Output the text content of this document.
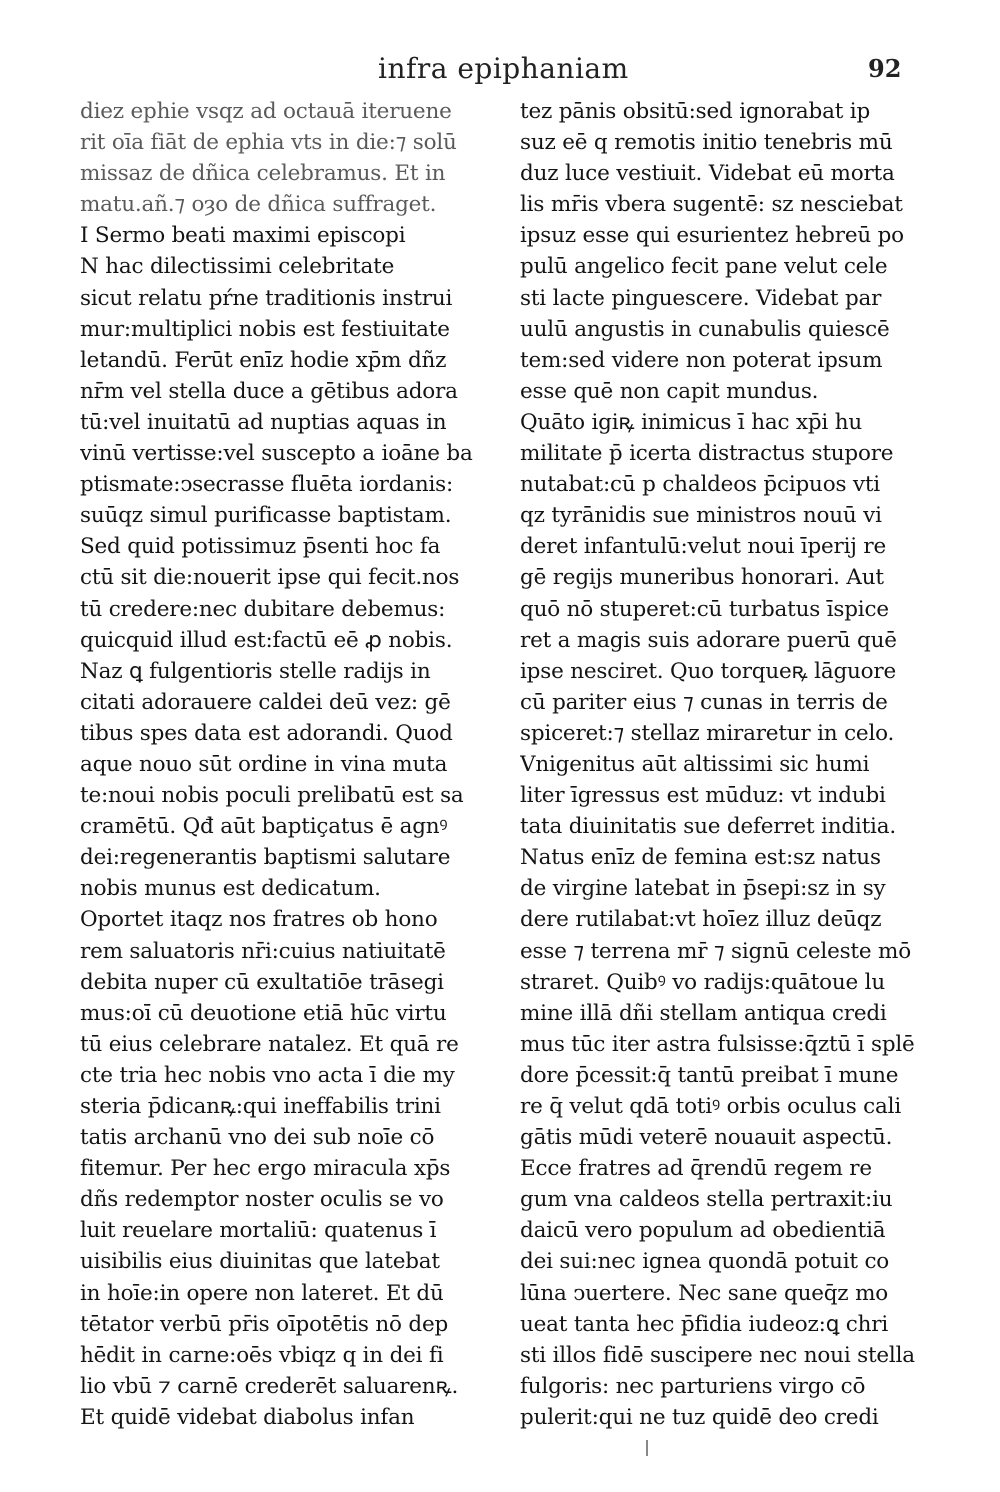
infra epiphaniam	92
diez ephie vsqz ad octauā iteruene
rit oīa fiāt de ephia vts in die:⁊ solū
missaz de dñica celebramus. Et in
matu.añ.⁊ oȝo de dñica suffraget.
I Sermo beati maximi episcopi
N hac dilectissimi celebritate
sicut relatu pŕne traditionis instrui
mur:multiplici nobis est festiuitate
letandū. Ferūt enīz hodie xp̄m dñz
nr̄m vel stella duce a gētibus adora
tū:vel inuitatū ad nuptias aquas in
vinū vertisse:vel suscepto a ioāne ba
ptismate:ↄsecrasse fluēta iordanis:
suūqz simul purificasse baptistam.
Sed quid potissimuz p̄senti hoc fa
ctū sit die:nouerit ipse qui fecit.nos
tū credere:nec dubitare debemus:
quicquid illud est:factū eē ꝓ nobis.
Naz ꝗ fulgentioris stelle radijs in
citati adorauere caldei deū vez: gē
tibus spes data est adorandi. Quod
aque nouo sūt ordine in vina muta
te:noui nobis poculi prelibatū est sa
cramētū. Qđ aūt baptiçatus ē agnꝰ
dei:regenerantis baptismi salutare
nobis munus est dedicatum.
Oportet itaqz nos fratres ob hono
rem saluatoris nr̄i:cuius natiuitatē
debita nuper cū exultatiōe trāsegi
mus:oī cū deuotione etiā hūc virtu
tū eius celebrare natalez. Et quā re
cte tria hec nobis vno acta ī die my
steria p̄dicanꝶ:qui ineffabilis trini
tatis archanū vno dei sub noīe cō
fitemur. Per hec ergo miracula xp̄s
dñs redemptor noster oculis se vo
luit reuelare mortaliū: quatenus ī
uisibilis eius diuinitas que latebat
in hoīe:in opere non lateret. Et dū
tētator verbū pr̄is oīpotētis nō dep
hēdit in carne:oēs vbiqz q in dei fi
lio vbū ⁊ carnē crederēt saluarenꝶ.
Et quidē videbat diabolus infan
tez pānis obsitū:sed ignorabat ip
suz eē q remotis initio tenebris mū
duz luce vestiuit. Videbat eū morta
lis mr̄is vbera sugentē: sz nesciebat
ipsuz esse qui esurientez hebreū po
pulū angelico fecit pane velut cele
sti lacte pinguescere. Videbat par
uulū angustis in cunabulis quiescē
tem:sed videre non poterat ipsum
esse quē non capit mundus.
Quāto igiꝶ inimicus ī hac xp̄i hu
militate p̄ icerta distractus stupore
nutabat:cū p chaldeos p̄cipuos vti
qz tyrānidis sue ministros nouū vi
deret infantulū:velut noui īperij re
gē regijs muneribus honorari. Aut
quō nō stuperet:cū turbatus īspice
ret a magis suis adorare puerū quē
ipse nesciret. Quo torqueꝶ lāguore
cū pariter eius ⁊ cunas in terris de
spiceret:⁊ stellaz miraretur in celo.
Vnigenitus aūt altissimi sic humi
liter īgressus est mūduz: vt indubi
tata diuinitatis sue deferret inditia.
Natus enīz de femina est:sz natus
de virgine latebat in p̄sepi:sz in sy
dere rutilabat:vt hoīez illuz deūqz
esse ⁊ terrena mr̄ ⁊ signū celeste mō
straret. Quibꝰ vo radijs:quātoue lu
mine illā dñi stellam antiqua credi
mus tūc iter astra fulsisse:q̄ztū ī splē
dore p̄cessit:q̄ tantū preibat ī mune
re q̄ velut qdā totiꝰ orbis oculus cali
gātis mūdi veterē nouauit aspectū.
Ecce fratres ad q̄rendū regem re
gum vna caldeos stella pertraxit:iu
daicū vero populum ad obedientiā
dei sui:nec ignea quondā potuit co
lūna ↄuertere. Nec sane queq̄z mo
ueat tanta hec p̄fidia iudeoz:ꝗ chri
sti illos fidē suscipere nec noui stella
fulgoris: nec parturiens virgo cō
pulerit:qui ne tuz quidē deo credi
